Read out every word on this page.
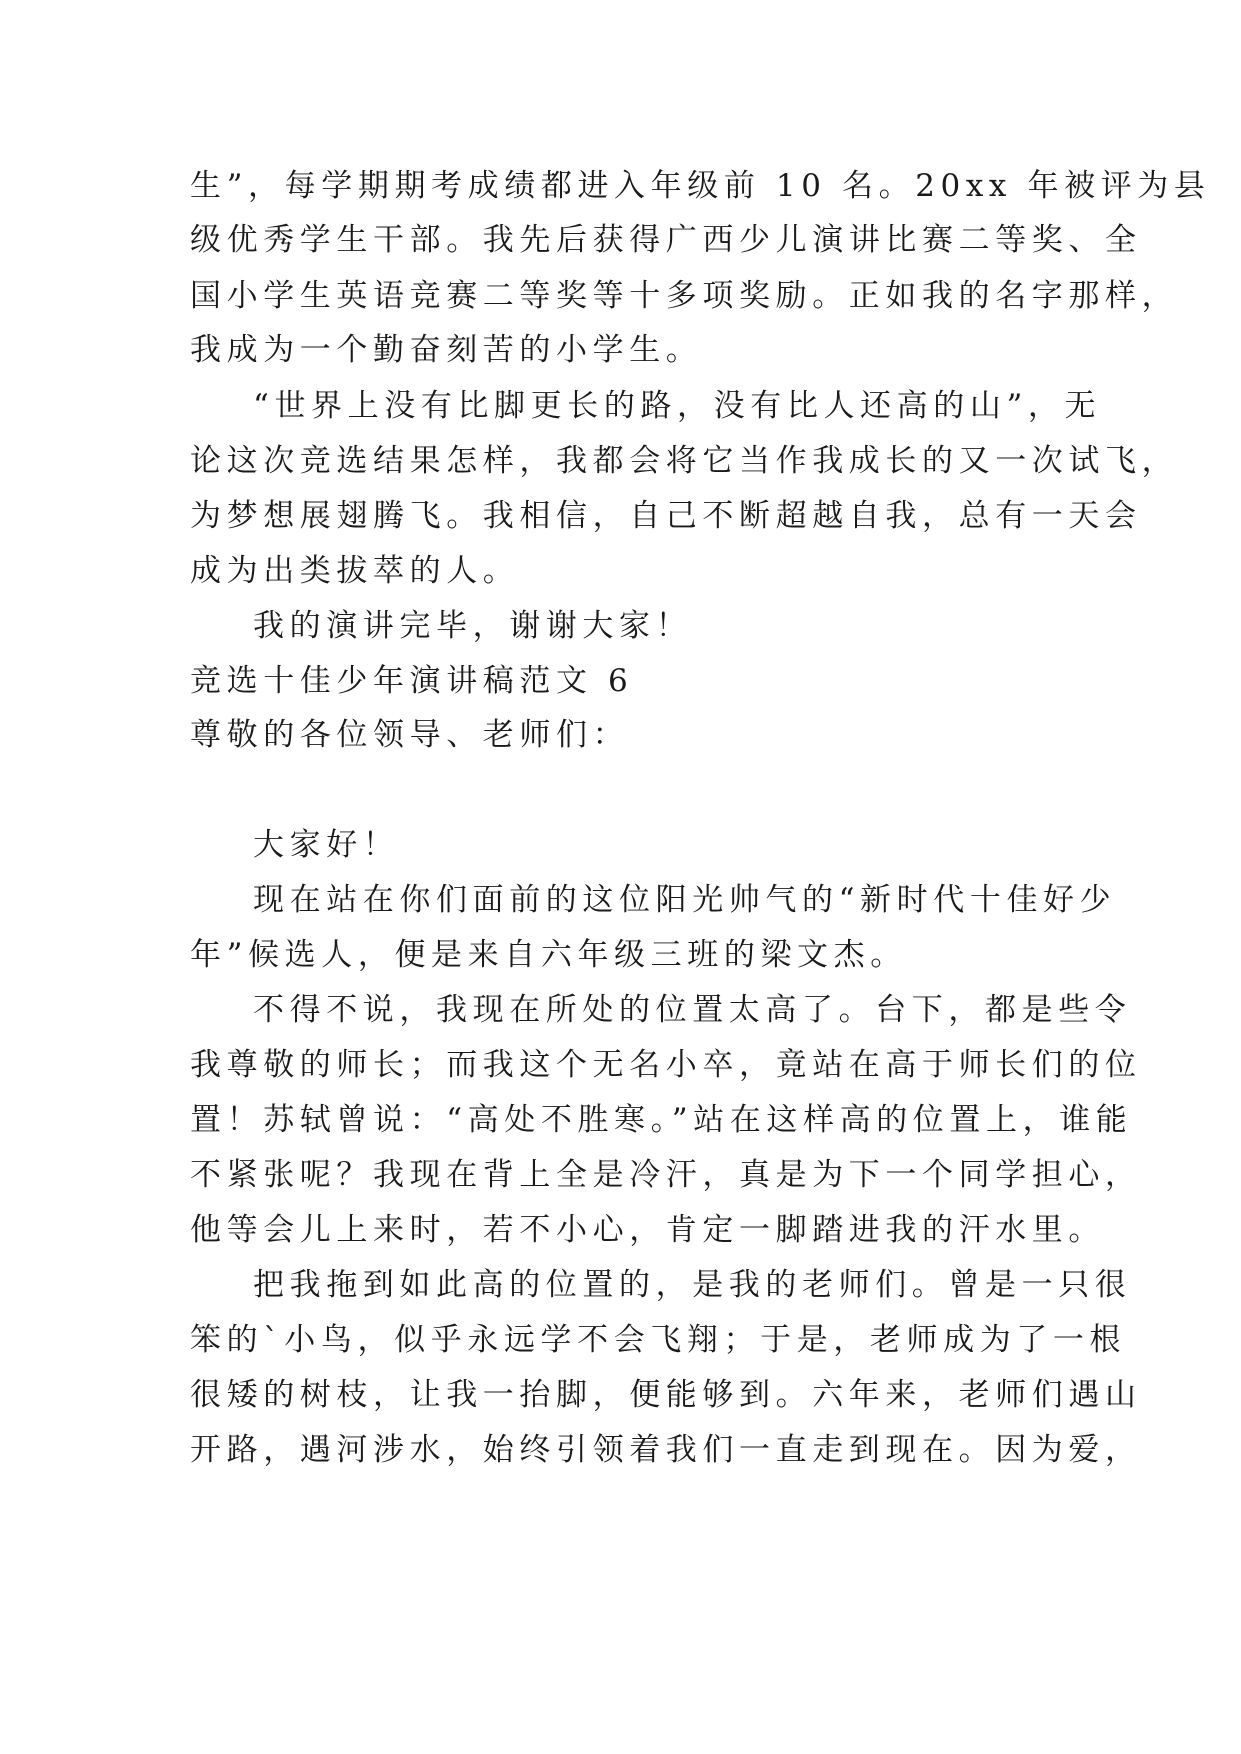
生”，每学期期考成绩都进入年级前 10 名。20xx 年被评为县
级优秀学生干部。我先后获得广西少儿演讲比赛二等奖、全
国小学生英语竞赛二等奖等十多项奖励。正如我的名字那样，
我成为一个勤奋刻苦的小学生。
“世界上没有比脚更长的路，没有比人还高的山”，无
论这次竞选结果怎样，我都会将它当作我成长的又一次试飞，
为梦想展翅腾飞。我相信，自己不断超越自我，总有一天会
成为出类拔萃的人。
我的演讲完毕，谢谢大家！
竞选十佳少年演讲稿范文 6
尊敬的各位领导、老师们：
大家好！
现在站在你们面前的这位阳光帅气的“新时代十佳好少
年”候选人，便是来自六年级三班的梁文杰。
不得不说，我现在所处的位置太高了。台下，都是些令
我尊敬的师长；而我这个无名小卒，竟站在高于师长们的位
置！苏轼曾说：“高处不胜寒。”站在这样高的位置上，谁能
不紧张呢？我现在背上全是冷汗，真是为下一个同学担心，
他等会儿上来时，若不小心，肯定一脚踏进我的汗水里。
把我拖到如此高的位置的，是我的老师们。曾是一只很
笨的`小鸟，似乎永远学不会飞翔；于是，老师成为了一根
很矮的树枝，让我一抬脚，便能够到。六年来，老师们遇山
开路，遇河涉水，始终引领着我们一直走到现在。因为爱，
